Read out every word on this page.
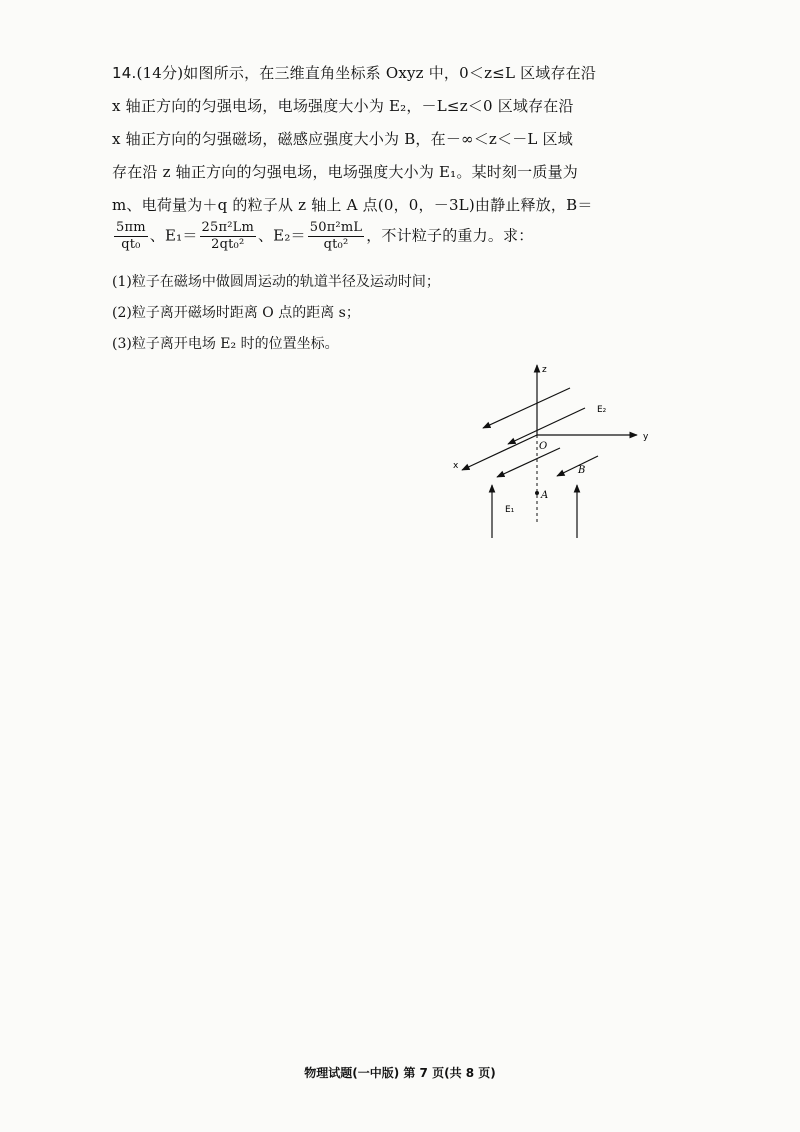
14.(14分)如图所示，在三维直角坐标系 Oxyz 中，0＜z≤L 区域存在沿
x 轴正方向的匀强电场，电场强度大小为 E₂，－L≤z＜0 区域存在沿
x 轴正方向的匀强磁场，磁感应强度大小为 B，在－∞＜z＜－L 区域
存在沿 z 轴正方向的匀强电场，电场强度大小为 E₁。某时刻一质量为
m、电荷量为＋q 的粒子从 z 轴上 A 点(0，0，－3L)由静止释放，B＝
$\frac{5\pi m}{\text{qt₀}}$ 、$E_1= \frac{\text{25π²Lm}}{\text{2qt₀²}}$ 、$E_2= \frac{\text{50π²mL}}{\text{qt₀²}}$ ，不计粒子的重力。求：
(1)粒子在磁场中做圆周运动的轨道半径及运动时间；
(2)粒子离开磁场时距离 O 点的距离 s；
(3)粒子离开电场 E₂ 时的位置坐标。
z
y
x
O
E₂
B
A
E₁
物理试题(一中版) 第 7 页(共 8 页)
